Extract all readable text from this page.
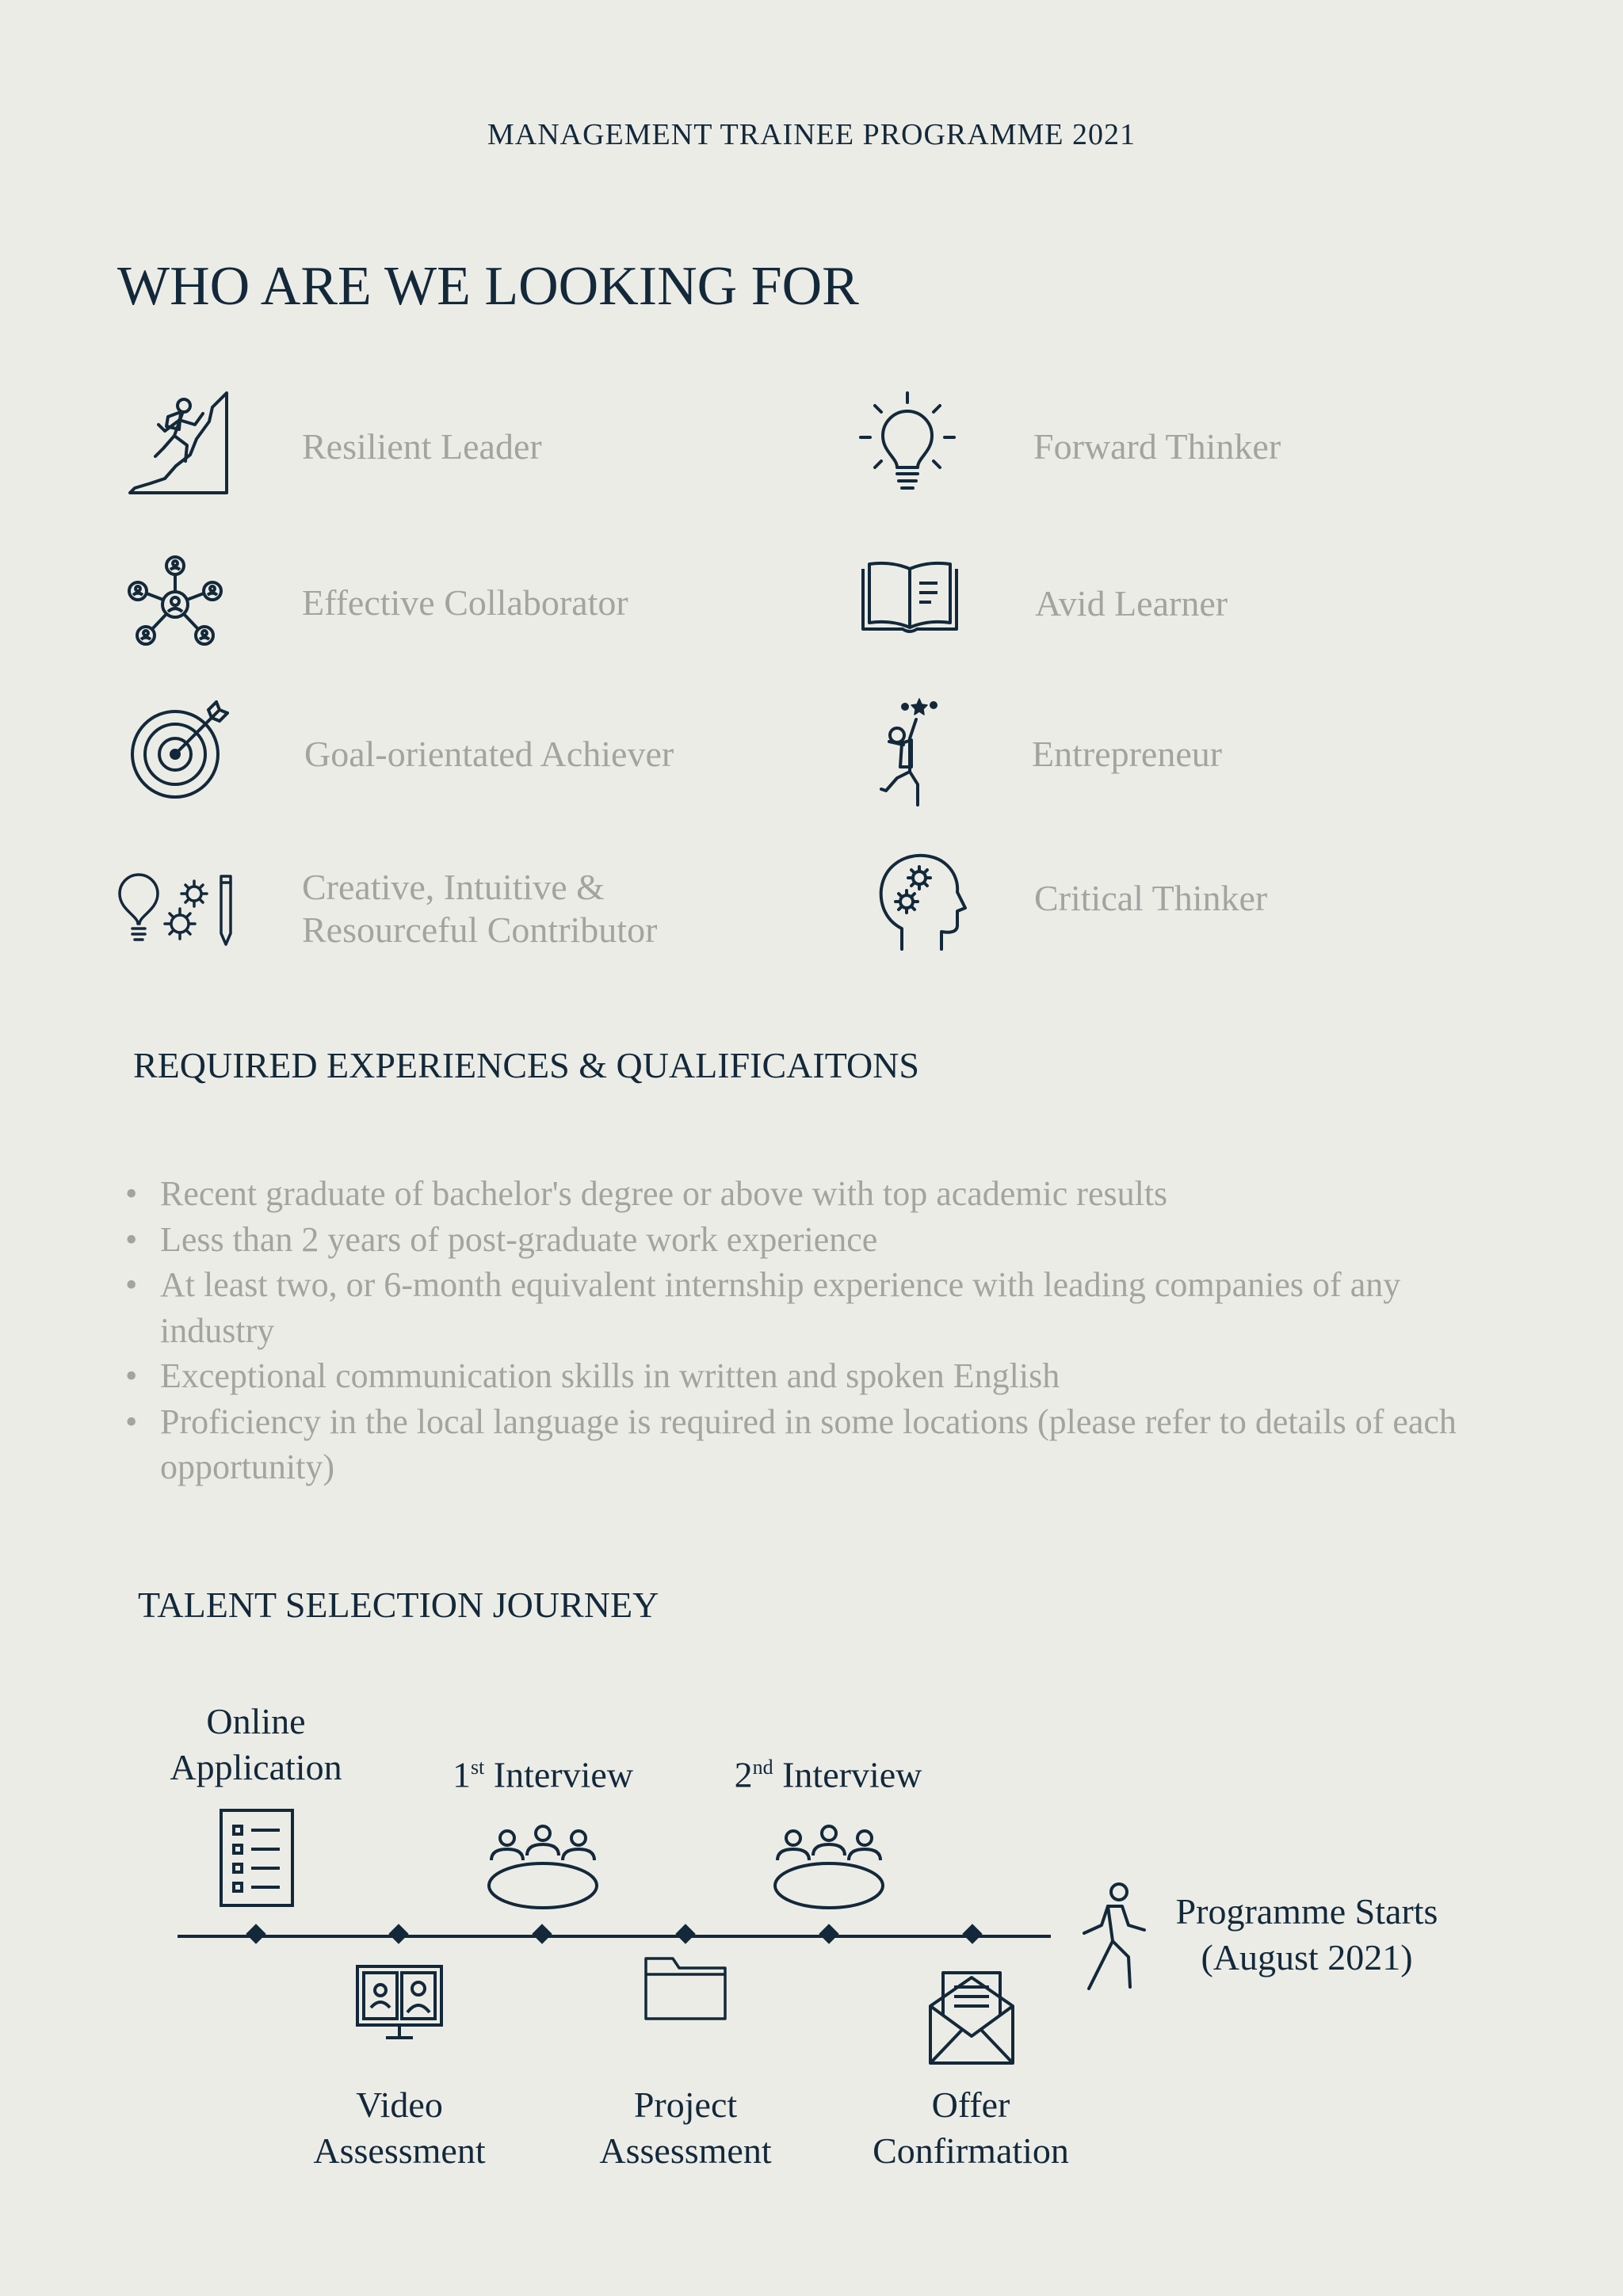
MANAGEMENT TRAINEE PROGRAMME 2021
WHO ARE WE LOOKING FOR
Resilient Leader
Effective Collaborator
Goal-orientated Achiever
Creative, Intuitive &
Resourceful Contributor
Forward Thinker
Avid Learner
Entrepreneur
Critical Thinker
REQUIRED EXPERIENCES & QUALIFICAITONS
• Recent graduate of bachelor's degree or above with top academic results
• Less than 2 years of post-graduate work experience
• At least two, or 6-month equivalent internship experience with leading companies of any industry
• Exceptional communication skills in written and spoken English
• Proficiency in the local language is required in some locations (please refer to details of each opportunity)
TALENT SELECTION JOURNEY
Online
Application
Video
Assessment
1st Interview
Project
Assessment
2nd Interview
Offer
Confirmation
Programme Starts
(August 2021)
